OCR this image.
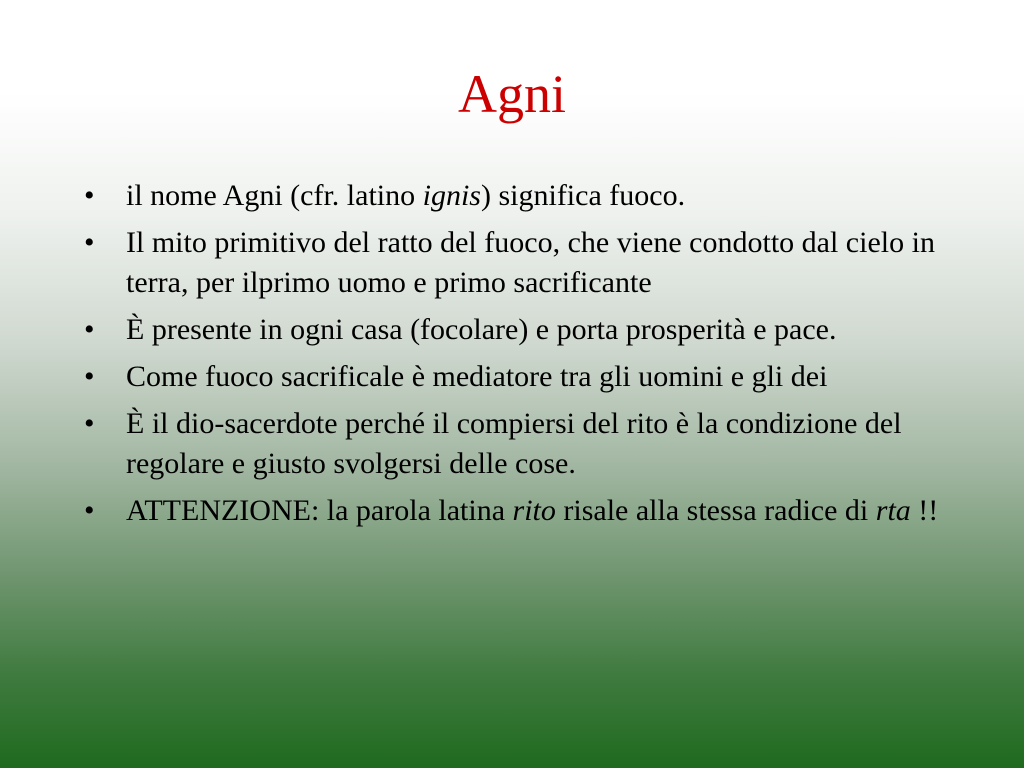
Agni
• il nome Agni (cfr. latino ignis) significa fuoco.
• Il mito primitivo del ratto del fuoco, che viene condotto dal cielo in terra, per ilprimo uomo e primo sacrificante
• È presente in ogni casa (focolare) e porta prosperità e pace.
• Come fuoco sacrificale è mediatore tra gli uomini e gli dei
• È il dio-sacerdote perché il compiersi del rito è la condizione del regolare e giusto svolgersi delle cose.
• ATTENZIONE: la parola latina rito risale alla stessa radice di rta !!
